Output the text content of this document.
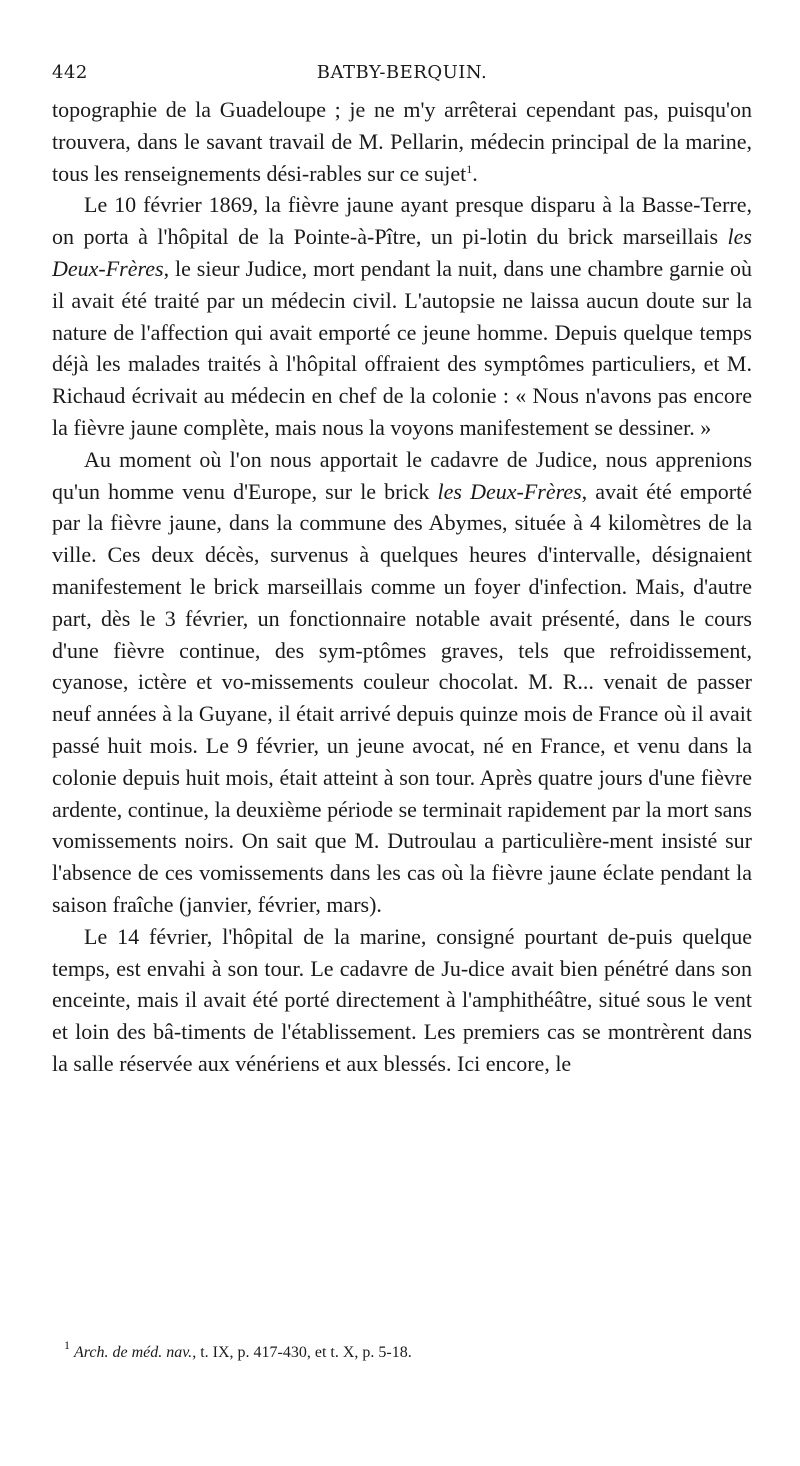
442	BATBY-BERQUIN.

topographie de la Guadeloupe ; je ne m'y arrêterai cependant pas, puisqu'on trouvera, dans le savant travail de M. Pellarin, médecin principal de la marine, tous les renseignements dési-rables sur ce sujet$^1$.

Le 10 février 1869, la fièvre jaune ayant presque disparu à la Basse-Terre, on porta à l'hôpital de la Pointe-à-Pître, un pi-lotin du brick marseillais les Deux-Frères, le sieur Judice, mort pendant la nuit, dans une chambre garnie où il avait été traité par un médecin civil. L'autopsie ne laissa aucun doute sur la nature de l'affection qui avait emporté ce jeune homme. Depuis quelque temps déjà les malades traités à l'hôpital offraient des symptômes particuliers, et M. Richaud écrivait au médecin en chef de la colonie : « Nous n'avons pas encore la fièvre jaune complète, mais nous la voyons manifestement se dessiner. »

Au moment où l'on nous apportait le cadavre de Judice, nous apprenions qu'un homme venu d'Europe, sur le brick les Deux-Frères, avait été emporté par la fièvre jaune, dans la commune des Abymes, située à 4 kilomètres de la ville. Ces deux décès, survenus à quelques heures d'intervalle, désignaient manifestement le brick marseillais comme un foyer d'infection. Mais, d'autre part, dès le 3 février, un fonctionnaire notable avait présenté, dans le cours d'une fièvre continue, des sym-ptômes graves, tels que refroidissement, cyanose, ictère et vo-missements couleur chocolat. M. R... venait de passer neuf années à la Guyane, il était arrivé depuis quinze mois de France où il avait passé huit mois. Le 9 février, un jeune avocat, né en France, et venu dans la colonie depuis huit mois, était atteint à son tour. Après quatre jours d'une fièvre ardente, continue, la deuxième période se terminait rapidement par la mort sans vomissements noirs. On sait que M. Dutroulau a particulière-ment insisté sur l'absence de ces vomissements dans les cas où la fièvre jaune éclate pendant la saison fraîche (janvier, février, mars).

Le 14 février, l'hôpital de la marine, consigné pourtant de-puis quelque temps, est envahi à son tour. Le cadavre de Ju-dice avait bien pénétré dans son enceinte, mais il avait été porté directement à l'amphithéâtre, situé sous le vent et loin des bâ-timents de l'établissement. Les premiers cas se montrèrent dans la salle réservée aux vénériens et aux blessés. Ici encore, le

$^1$ Arch. de méd. nav., t. IX, p. 417-430, et t. X, p. 5-18.
